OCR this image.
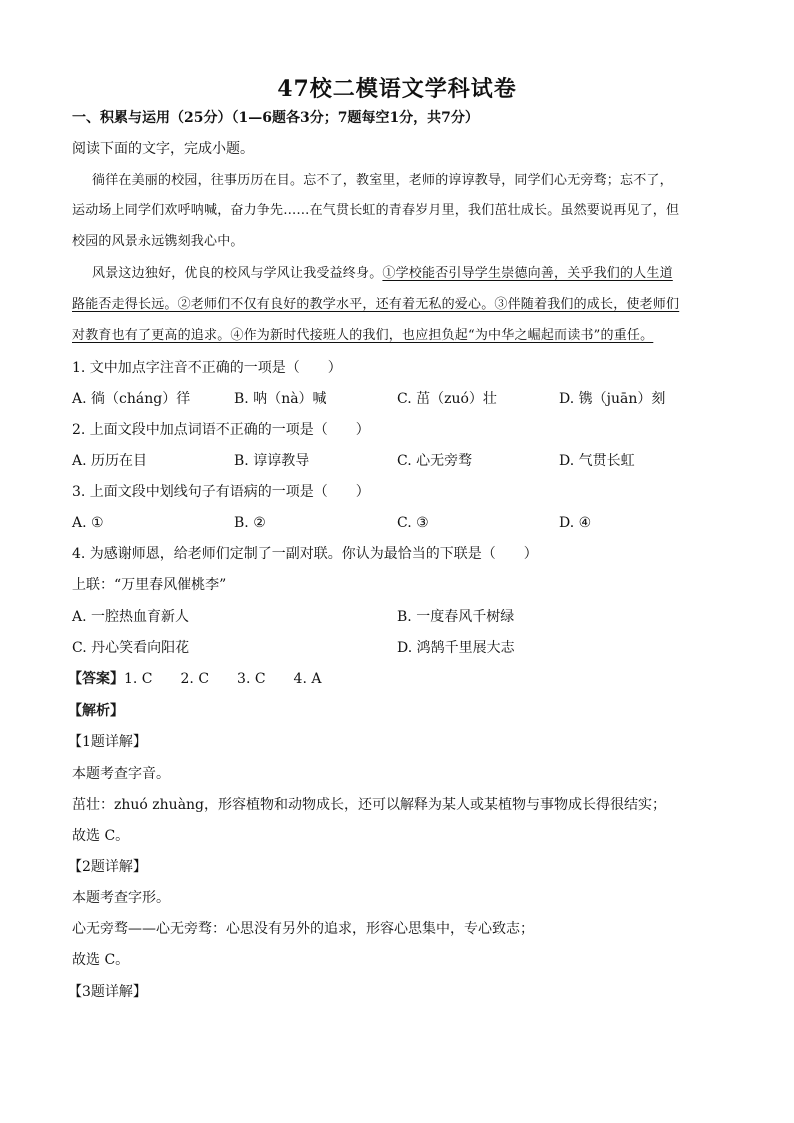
47校二模语文学科试卷
一、积累与运用（25分）（1—6题各3分；7题每空1分，共7分）
阅读下面的文字，完成小题。
徜徉在美丽的校园，往事历历在目。忘不了，教室里，老师的谆谆教导，同学们心无旁骛；忘不了，
运动场上同学们欢呼呐喊，奋力争先……在气贯长虹的青春岁月里，我们茁壮成长。虽然要说再见了，但
校园的风景永远镌刻我心中。
风景这边独好，优良的校风与学风让我受益终身。①学校能否引导学生崇德向善，关乎我们的人生道
路能否走得长远。②老师们不仅有良好的教学水平，还有着无私的爱心。③伴随着我们的成长，使老师们
对教育也有了更高的追求。④作为新时代接班人的我们，也应担负起“为中华之崛起而读书”的重任。
1. 文中加点字注音不正确的一项是（　　）
A. 徜（cháng）徉	B. 呐（nà）喊	C. 茁（zuó）壮	D. 镌（juān）刻
2. 上面文段中加点词语不正确的一项是（　　）
A. 历历在目	B. 谆谆教导	C. 心无旁骛	D. 气贯长虹
3. 上面文段中划线句子有语病的一项是（　　）
A. ①	B. ②	C. ③	D. ④
4. 为感谢师恩，给老师们定制了一副对联。你认为最恰当的下联是（　　）
上联：“万里春风催桃李”
A. 一腔热血育新人	B. 一度春风千树绿
C. 丹心笑看向阳花	D. 鸿鹄千里展大志
【答案】1. C　　2. C　　3. C　　4. A
【解析】
【1题详解】
本题考查字音。
茁壮：zhuó zhuàng，形容植物和动物成长，还可以解释为某人或某植物与事物成长得很结实；
故选 C。
【2题详解】
本题考查字形。
心无旁骛——心无旁骛：心思没有另外的追求，形容心思集中，专心致志；
故选 C。
【3题详解】
